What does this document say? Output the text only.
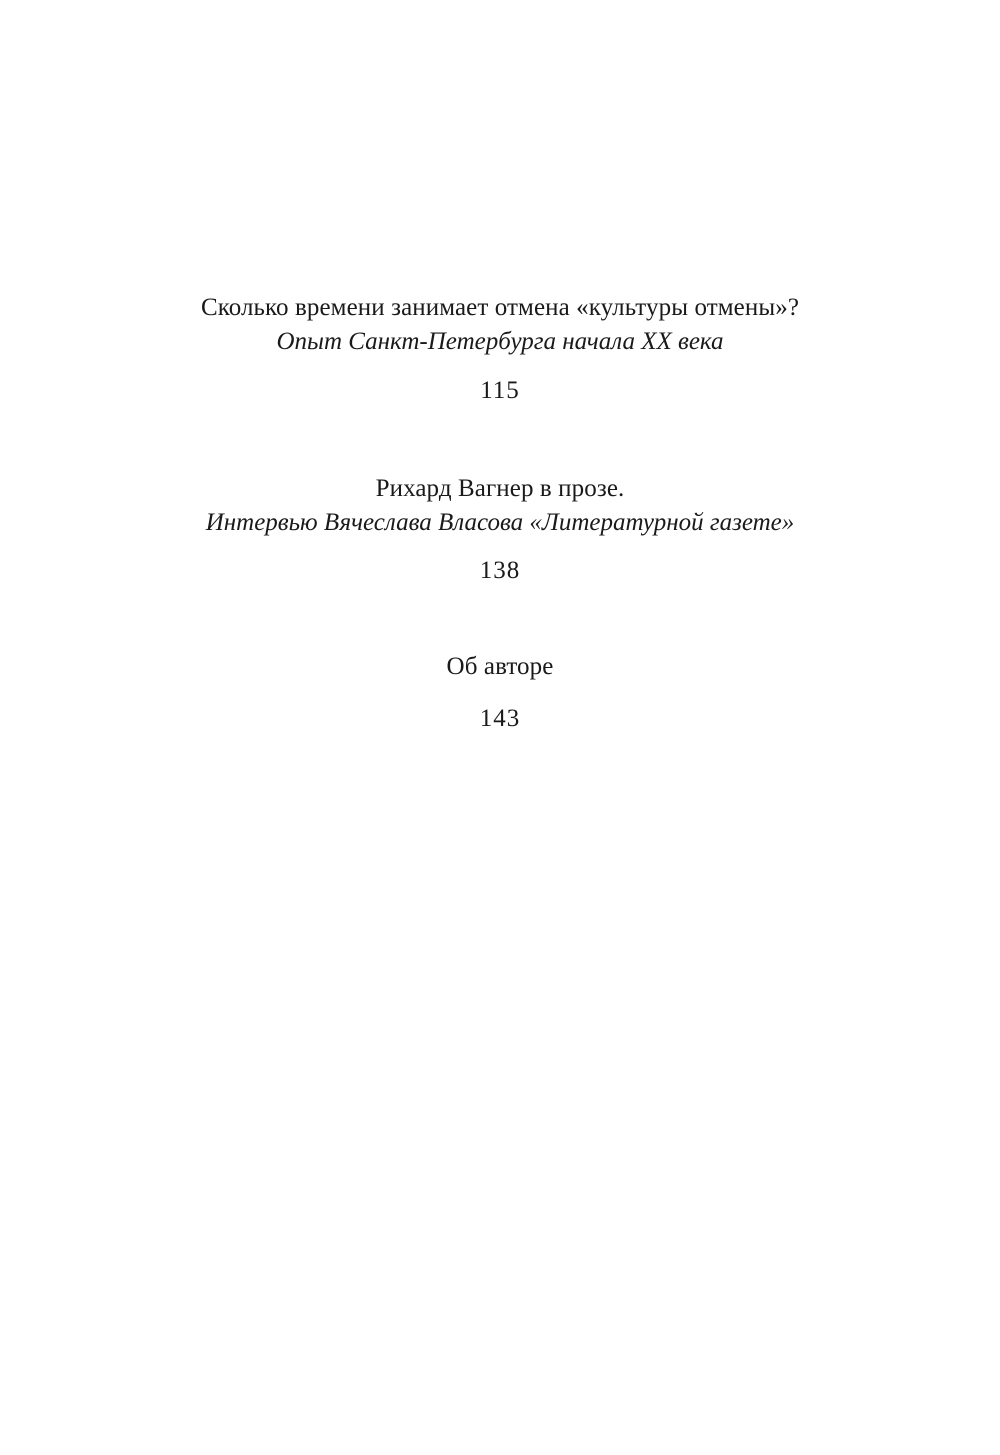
Сколько времени занимает отмена «культуры отмены»?

Опыт Санкт-Петербурга начала XX века

115

Рихард Вагнер в прозе.

Интервью Вячеслава Власова «Литературной газете»

138

Об авторе

143
